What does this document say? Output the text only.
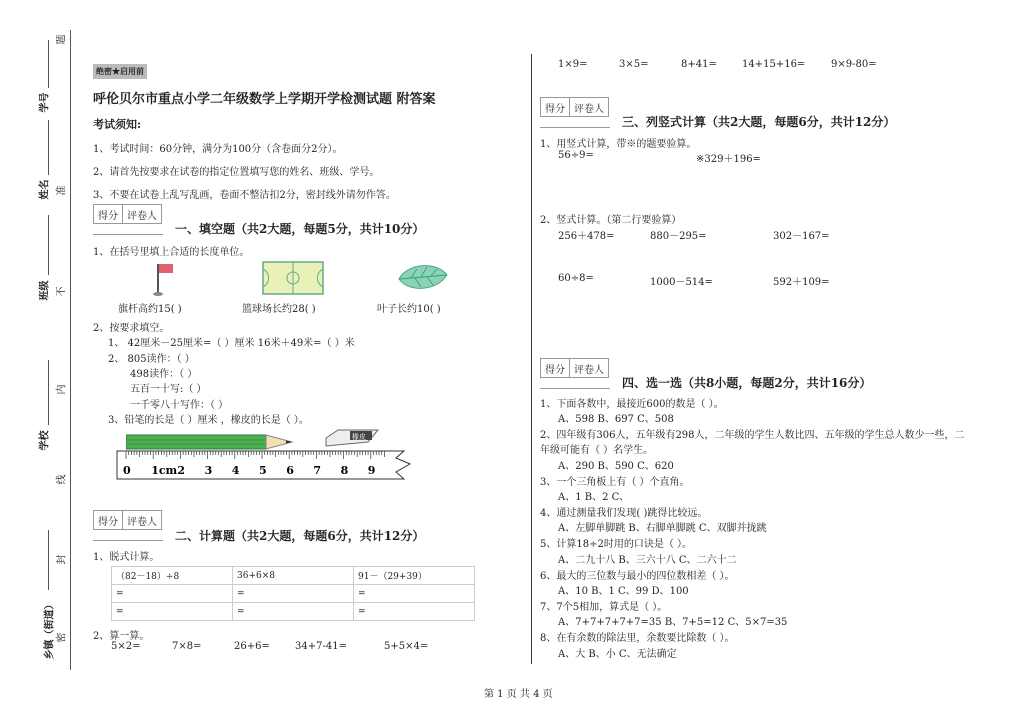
题
学号
准
姓名
不
班级
内
学校
线
封
乡镇（街道） 密
绝密★启用前
呼伦贝尔市重点小学二年级数学上学期开学检测试题 附答案
考试须知:
1、考试时间：60分钟，满分为100分（含卷面分2分）。
2、请首先按要求在试卷的指定位置填写您的姓名、班级、学号。
3、不要在试卷上乱写乱画，卷面不整洁扣2分，密封线外请勿作答。
得分 评卷人
一、填空题（共2大题，每题5分，共计10分）
1、在括号里填上合适的长度单位。
旗杆高约15( )	篮球场长约28( )	叶子长约10( )
2、按要求填空。
1、 42厘米－25厘米=（ ）厘米 16米＋49米=（ ）米
2、 805读作：（ ）
498读作：（ ）
五百一十写:（ ）
一千零八十写作：（ ）
3、铅笔的长是（ ）厘米 ，橡皮的长是（ ）。
橡皮
0 1cm 2 3 4 5 6 7 8 9
得分 评卷人
二、计算题（共2大题，每题6分，共计12分）
1、脱式计算。
（82－18）÷8	36+6×8	91－（29+39）
=	=	=
=	=	=
2、算一算。
5×2=	7×8=	26+6=	34+7-41=	5+5×4=
1×9=	3×5=	8+41=	14+15+16=	9×9-80=
得分 评卷人
三、列竖式计算（共2大题，每题6分，共计12分）
1、用竖式计算，带※的题要验算。
56÷9=	※329＋196=
2、竖式计算。（第二行要验算）
256＋478=	880－295=	302－167=
60÷8=	1000－514=	592＋109=
得分 评卷人
四、选一选（共8小题，每题2分，共计16分）
1、下面各数中，最接近600的数是（ ）。
A、598 B、697 C、508
2、四年级有306人，五年级有298人，二年级的学生人数比四、五年级的学生总人数少一些，二
年级可能有（ ）名学生。
A、290 B、590 C、620
3、一个三角板上有（ ）个直角。
A、1 B、2 C、
4、通过测量我们发现( )跳得比较远。
A、左脚单脚跳 B、右脚单脚跳 C、双脚并拢跳
5、计算18÷2时用的口诀是（ ）。
A、二九十八 B、三六十八 C、二六十二
6、最大的三位数与最小的四位数相差（ ）。
A、10 B、1 C、99 D、100
7、7个5相加，算式是（ ）。
A、7+7+7+7+7=35 B、7+5=12 C、5×7=35
8、在有余数的除法里，余数要比除数（ ）。
A、大 B、小 C、无法确定
第 1 页 共 4 页
